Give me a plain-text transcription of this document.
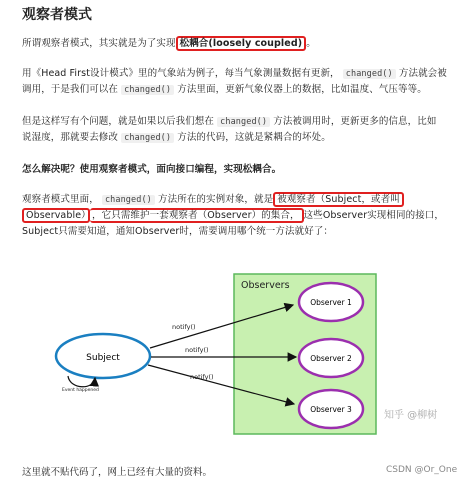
观察者模式
所谓观察者模式，其实就是为了实现 松耦合(loosely coupled) 。
用《Head First设计模式》里的气象站为例子，每当气象测量数据有更新， changed() 方法就会被
调用，于是我们可以在 changed() 方法里面，更新气象仪器上的数据，比如温度、气压等等。
但是这样写有个问题，就是如果以后我们想在 changed() 方法被调用时，更新更多的信息，比如
说湿度，那就要去修改 changed() 方法的代码，这就是紧耦合的坏处。
怎么解决呢？使用观察者模式，面向接口编程，实现松耦合。
观察者模式里面， changed() 方法所在的实例对象，就是 被观察者（Subject，或者叫
Observable） ，它只需维护一套观察者（Observer）的集合， 这些Observer实现相同的接口，
Subject只需要知道，通知Observer时，需要调用哪个统一方法就好了：
Observers
Observer 1
Observer 2
Observer 3
Subject
Event happened
notify()
notify()
notify()
知乎 @柳树
这里就不贴代码了，网上已经有大量的资料。	CSDN @Or_One
